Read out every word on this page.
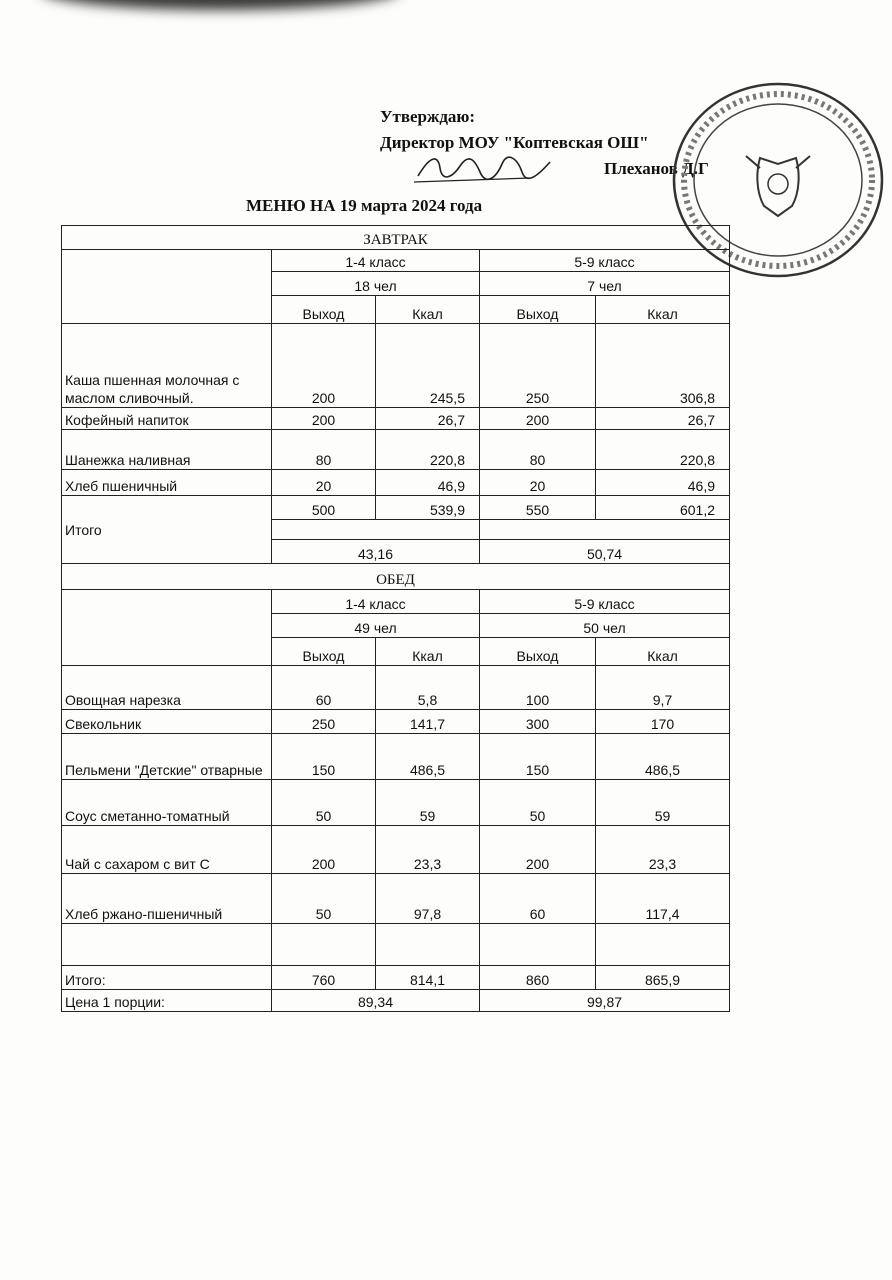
Утверждаю:
Директор МОУ "Коптевская ОШ"
Плеханов Д.Г
МЕНЮ НА 19 марта 2024 года
ЗАВТРАК				
	1-4 класс		5-9 класс	
	18 чел		7 чел	
	Выход	Ккал	Выход	Ккал
Каша пшенная молочная с маслом сливочный.	200	245,5	250	306,8
Кофейный напиток	200	26,7	200	26,7
Шанежка наливная	80	220,8	80	220,8
Хлеб пшеничный	20	46,9	20	46,9
Итого	500	539,9	550	601,2

	43,16		50,74	
ОБЕД				
	1-4 класс		5-9 класс	
	49 чел		50 чел	
	Выход	Ккал	Выход	Ккал
Овощная нарезка	60	5,8	100	9,7
Свекольник	250	141,7	300	170
Пельмени "Детские" отварные	150	486,5	150	486,5
Соус сметанно-томатный	50	59	50	59
Чай с сахаром с вит С	200	23,3	200	23,3
Хлеб ржано-пшеничный	50	97,8	60	117,4

Итого:	760	814,1	860	865,9
Цена 1 порции:	89,34		99,87	
